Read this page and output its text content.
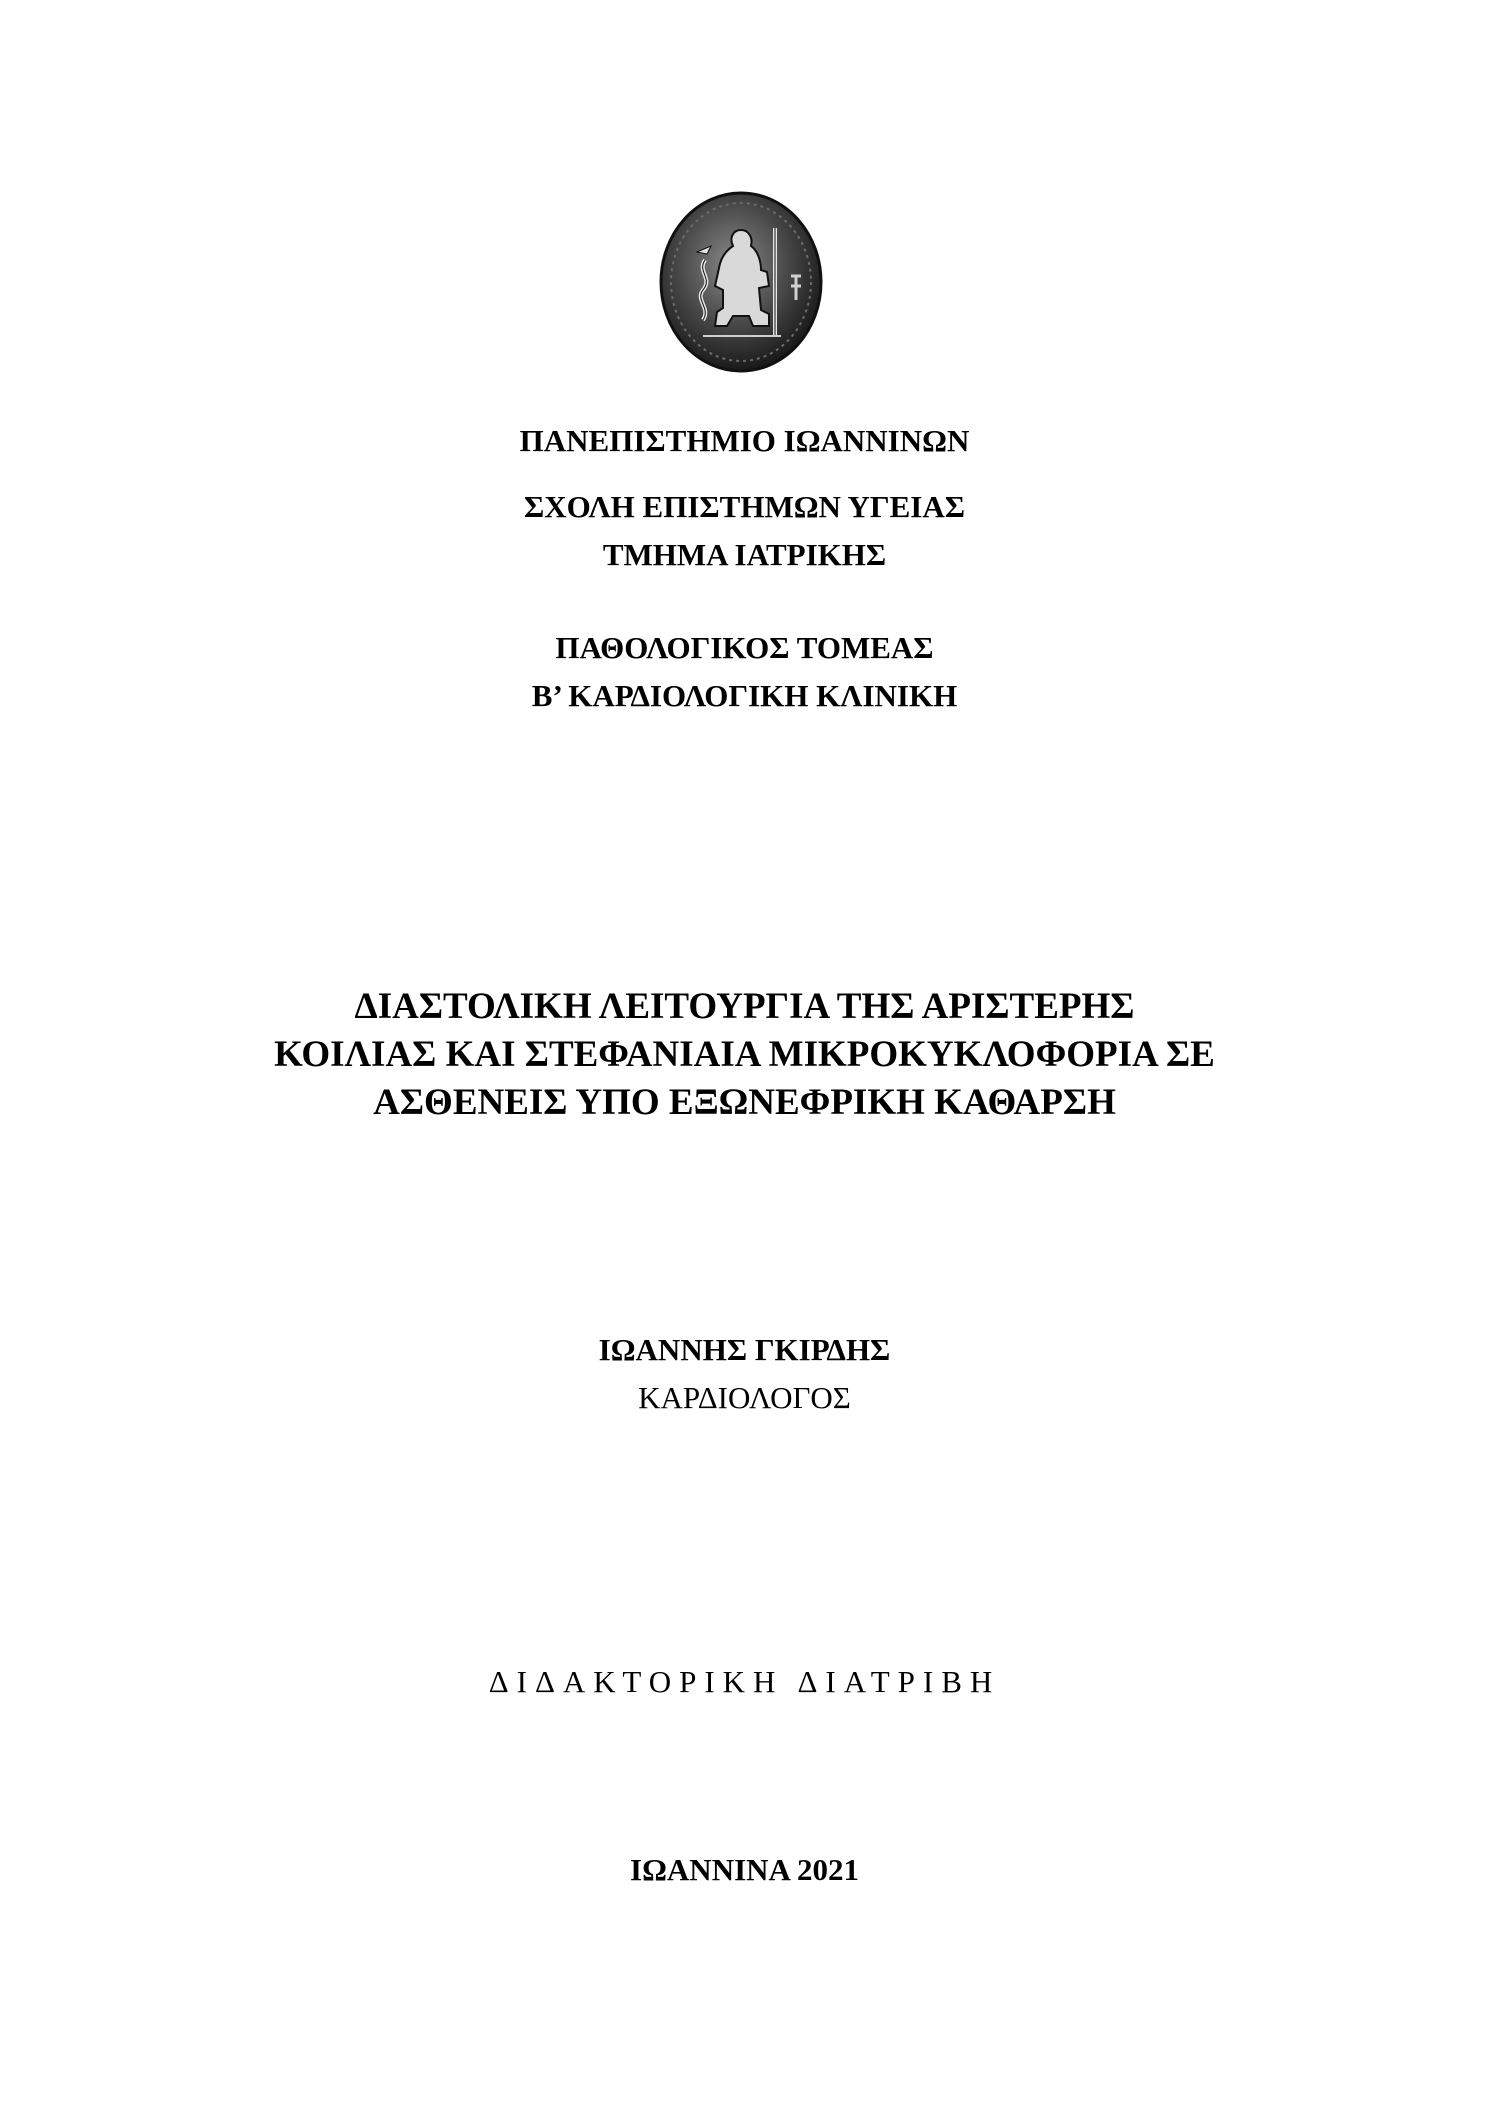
ΠΑΝΕΠΙΣΤΗΜΙΟ ΙΩΑΝΝΙΝΩΝ
ΣΧΟΛΗ ΕΠΙΣΤΗΜΩΝ ΥΓΕΙΑΣ
ΤΜΗΜΑ ΙΑΤΡΙΚΗΣ
ΠΑΘΟΛΟΓΙΚΟΣ ΤΟΜΕΑΣ
Β’ ΚΑΡΔΙΟΛΟΓΙΚΗ ΚΛΙΝΙΚΗ
ΔΙΑΣΤΟΛΙΚΗ ΛΕΙΤΟΥΡΓΙΑ ΤΗΣ ΑΡΙΣΤΕΡΗΣ
ΚΟΙΛΙΑΣ ΚΑΙ ΣΤΕΦΑΝΙΑΙΑ ΜΙΚΡΟΚΥΚΛΟΦΟΡΙΑ ΣΕ
ΑΣΘΕΝΕΙΣ ΥΠΟ ΕΞΩΝΕΦΡΙΚΗ ΚΑΘΑΡΣΗ
ΙΩΑΝΝΗΣ ΓΚΙΡΔΗΣ
ΚΑΡΔΙΟΛΟΓΟΣ
ΔΙΔΑΚΤΟΡΙΚΗ ΔΙΑΤΡΙΒΗ
ΙΩΑΝΝΙΝΑ 2021
